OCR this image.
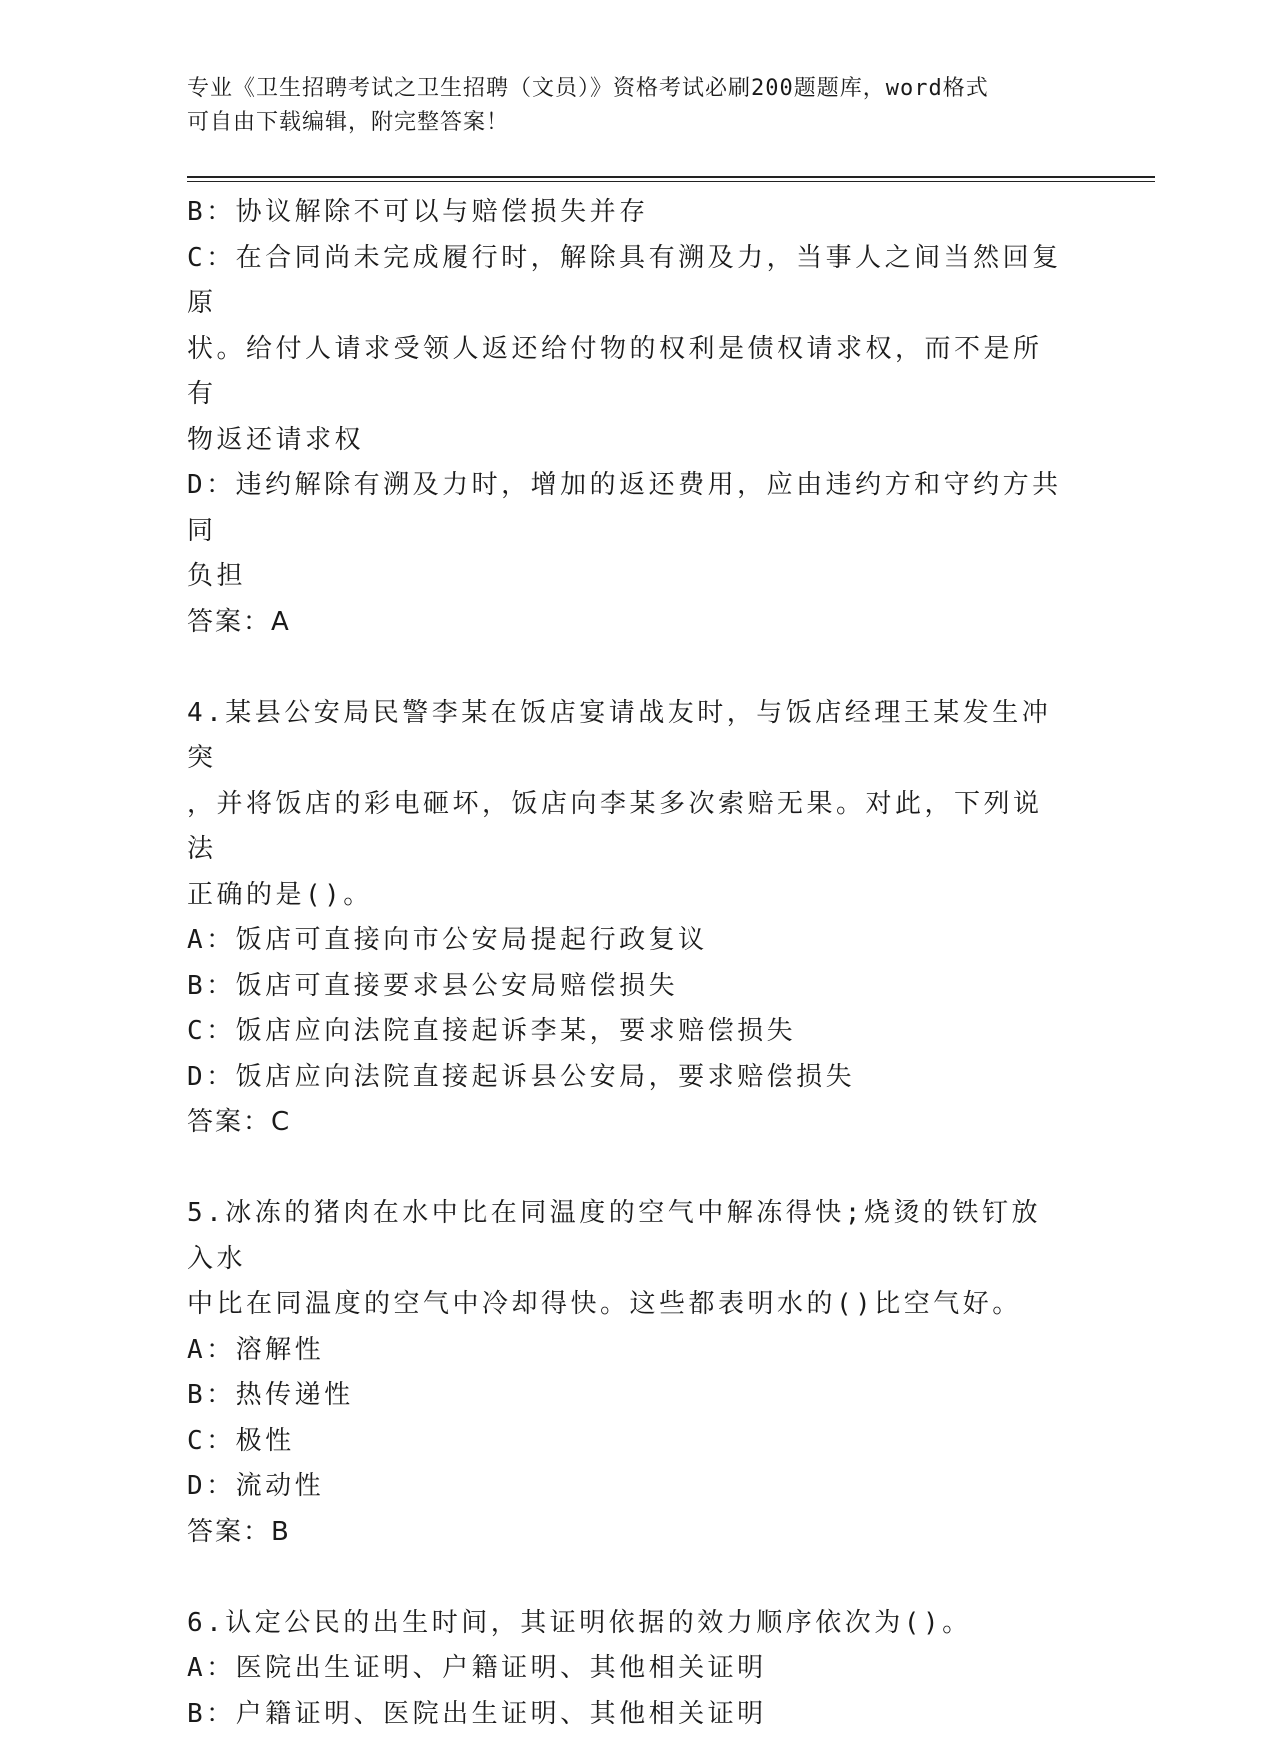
专业《卫生招聘考试之卫生招聘（文员）》资格考试必刷200题题库，word格式
可自由下载编辑，附完整答案！
B：协议解除不可以与赔偿损失并存
C：在合同尚未完成履行时，解除具有溯及力，当事人之间当然回复原
状。给付人请求受领人返还给付物的权利是债权请求权，而不是所有
物返还请求权
D：违约解除有溯及力时，增加的返还费用，应由违约方和守约方共同
负担
答案：A
4.某县公安局民警李某在饭店宴请战友时，与饭店经理王某发生冲突
，并将饭店的彩电砸坏，饭店向李某多次索赔无果。对此，下列说法
正确的是()。
A：饭店可直接向市公安局提起行政复议
B：饭店可直接要求县公安局赔偿损失
C：饭店应向法院直接起诉李某，要求赔偿损失
D：饭店应向法院直接起诉县公安局，要求赔偿损失
答案：C
5.冰冻的猪肉在水中比在同温度的空气中解冻得快;烧烫的铁钉放入水
中比在同温度的空气中冷却得快。这些都表明水的()比空气好。
A：溶解性
B：热传递性
C：极性
D：流动性
答案：B
6.认定公民的出生时间，其证明依据的效力顺序依次为()。
A：医院出生证明、户籍证明、其他相关证明
B：户籍证明、医院出生证明、其他相关证明
